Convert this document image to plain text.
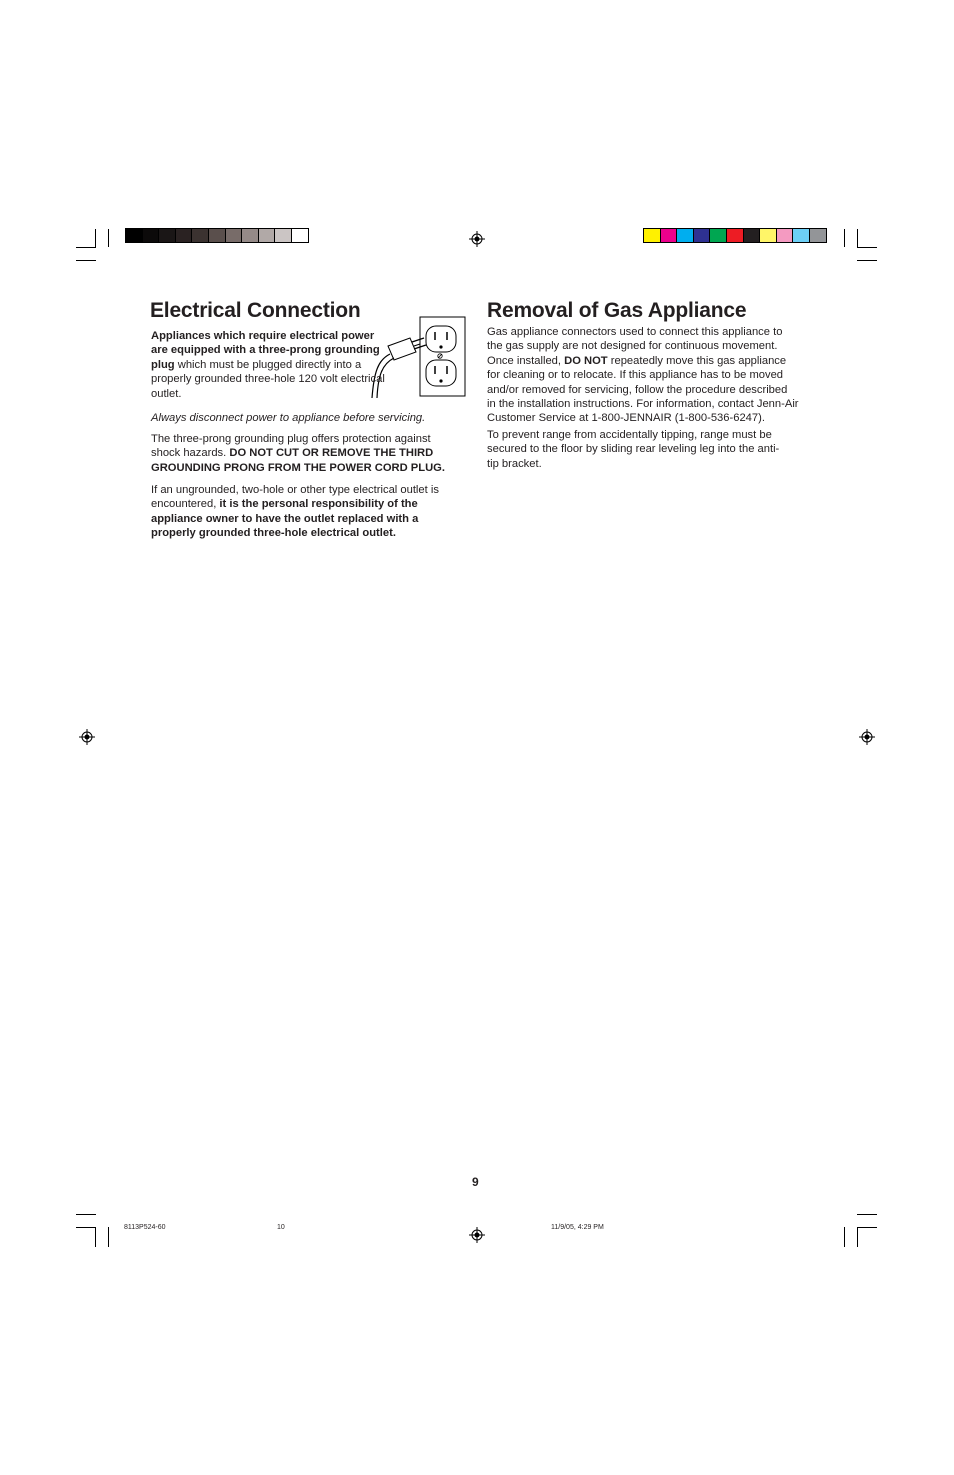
Electrical Connection

Appliances which require electrical power are equipped with a three-prong grounding plug which must be plugged directly into a properly grounded three-hole 120 volt electrical outlet.

Always disconnect power to appliance before servicing.

The three-prong grounding plug offers protection against shock hazards. DO NOT CUT OR REMOVE THE THIRD GROUNDING PRONG FROM THE POWER CORD PLUG.

If an ungrounded, two-hole or other type electrical outlet is encountered, it is the personal responsibility of the appliance owner to have the outlet replaced with a properly grounded three-hole electrical outlet.

Removal of Gas Appliance

Gas appliance connectors used to connect this appliance to the gas supply are not designed for continuous movement. Once installed, DO NOT repeatedly move this gas appliance for cleaning or to relocate. If this appliance has to be moved and/or removed for servicing, follow the procedure described in the installation instructions. For information, contact Jenn-Air Customer Service at 1-800-JENNAIR (1-800-536-6247).

To prevent range from accidentally tipping, range must be secured to the floor by sliding rear leveling leg into the anti-tip bracket.

9
8113P524-60	10	11/9/05, 4:29 PM
